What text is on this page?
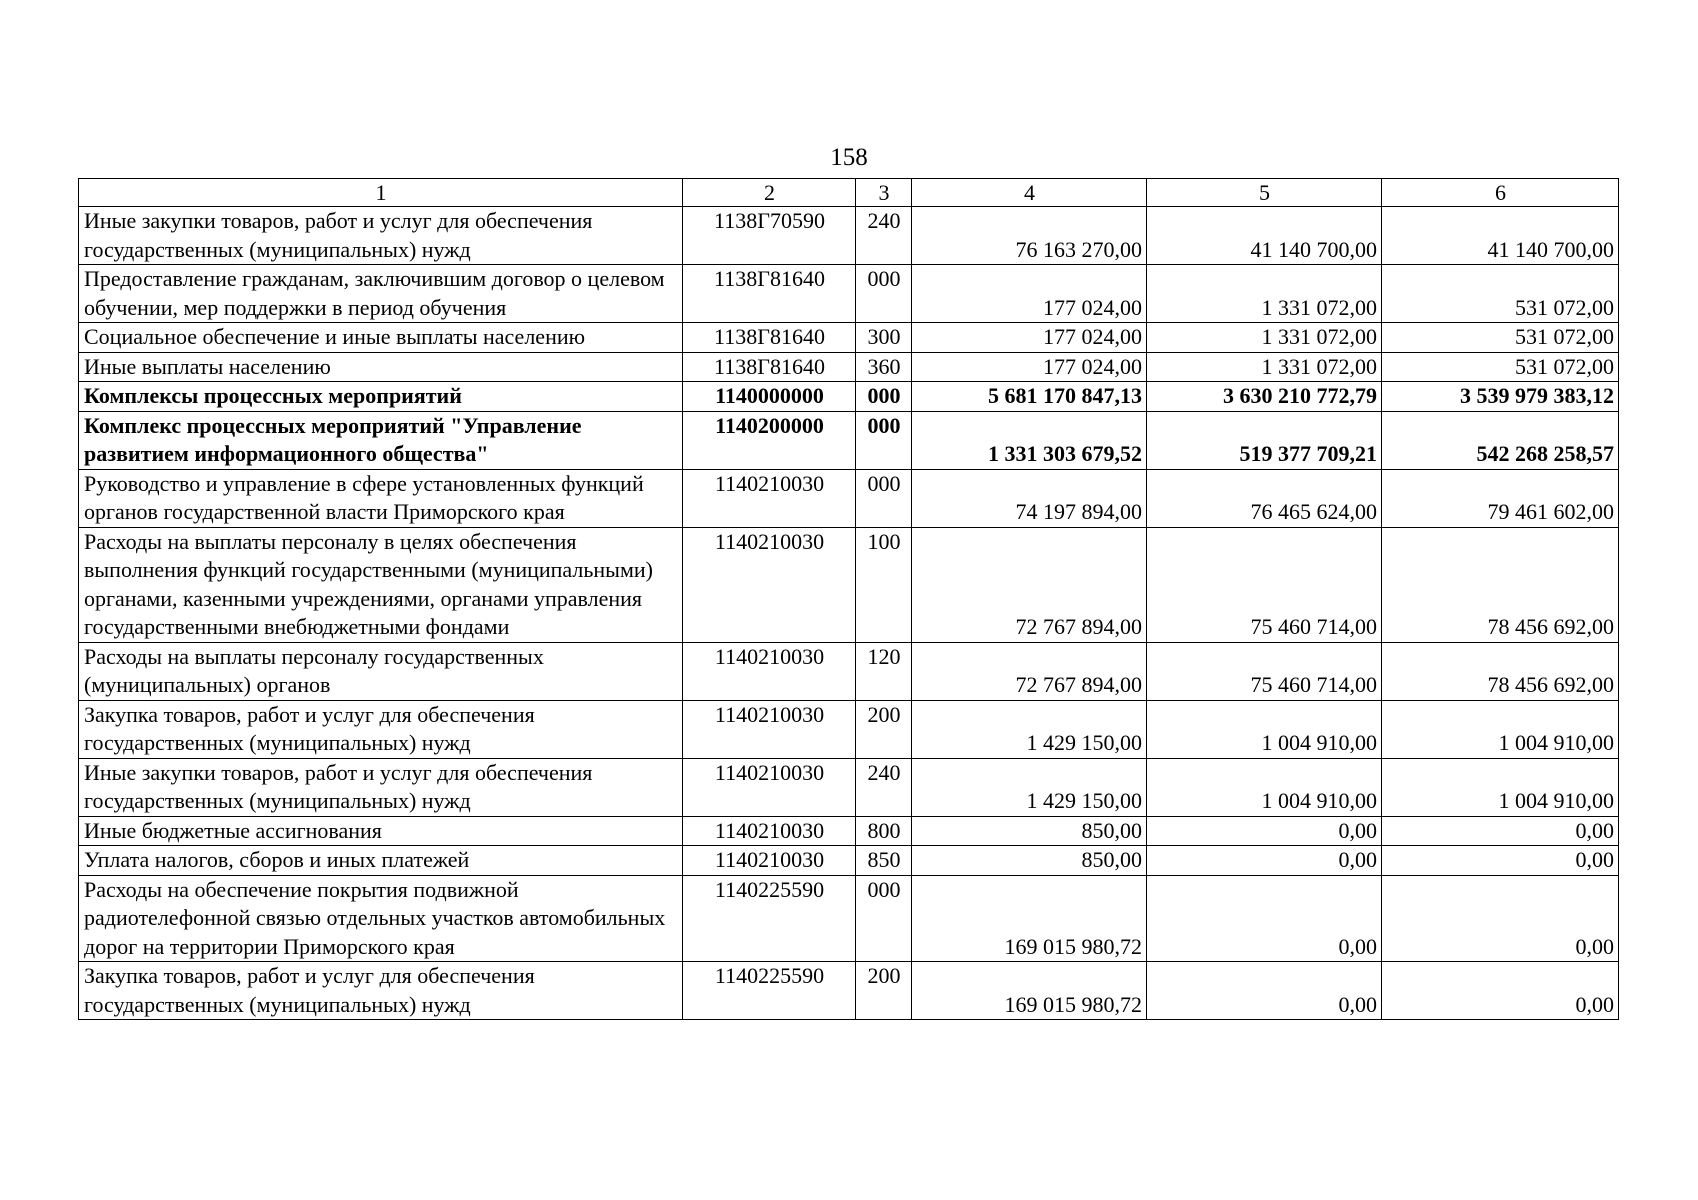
158
1	2	3	4	5	6
Иные закупки товаров, работ и услуг для обеспечения государственных (муниципальных) нужд	1138Г70590	240	76 163 270,00	41 140 700,00	41 140 700,00
Предоставление гражданам, заключившим договор о целевом обучении, мер поддержки в период обучения	1138Г81640	000	177 024,00	1 331 072,00	531 072,00
Социальное обеспечение и иные выплаты населению	1138Г81640	300	177 024,00	1 331 072,00	531 072,00
Иные выплаты населению	1138Г81640	360	177 024,00	1 331 072,00	531 072,00
Комплексы процессных мероприятий	1140000000	000	5 681 170 847,13	3 630 210 772,79	3 539 979 383,12
Комплекс процессных мероприятий "Управление развитием информационного общества"	1140200000	000	1 331 303 679,52	519 377 709,21	542 268 258,57
Руководство и управление в сфере установленных функций органов государственной власти Приморского края	1140210030	000	74 197 894,00	76 465 624,00	79 461 602,00
Расходы на выплаты персоналу в целях обеспечения выполнения функций государственными (муниципальными) органами, казенными учреждениями, органами управления государственными внебюджетными фондами	1140210030	100	72 767 894,00	75 460 714,00	78 456 692,00
Расходы на выплаты персоналу государственных (муниципальных) органов	1140210030	120	72 767 894,00	75 460 714,00	78 456 692,00
Закупка товаров, работ и услуг для обеспечения государственных (муниципальных) нужд	1140210030	200	1 429 150,00	1 004 910,00	1 004 910,00
Иные закупки товаров, работ и услуг для обеспечения государственных (муниципальных) нужд	1140210030	240	1 429 150,00	1 004 910,00	1 004 910,00
Иные бюджетные ассигнования	1140210030	800	850,00	0,00	0,00
Уплата налогов, сборов и иных платежей	1140210030	850	850,00	0,00	0,00
Расходы на обеспечение покрытия подвижной радиотелефонной связью отдельных участков автомобильных дорог на территории Приморского края	1140225590	000	169 015 980,72	0,00	0,00
Закупка товаров, работ и услуг для обеспечения государственных (муниципальных) нужд	1140225590	200	169 015 980,72	0,00	0,00
